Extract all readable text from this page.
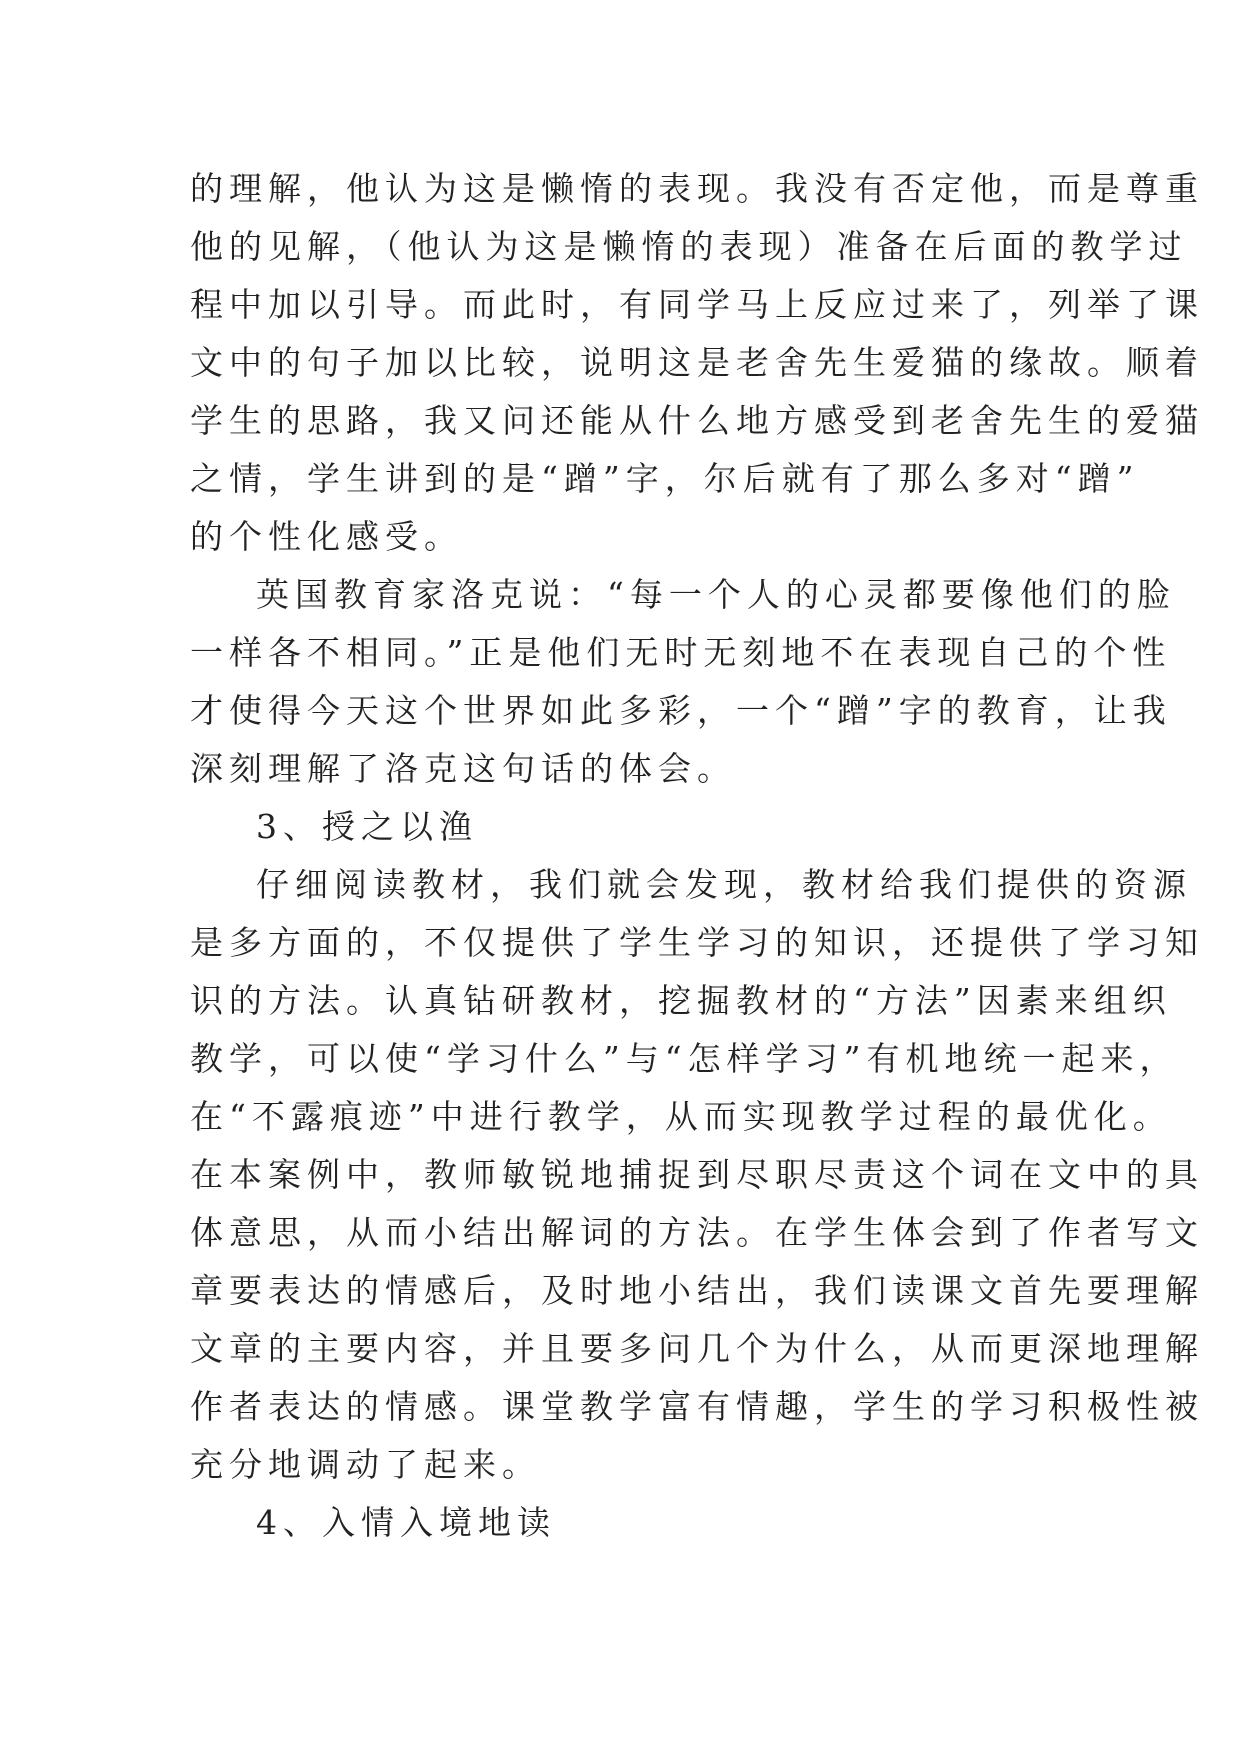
的理解，他认为这是懒惰的表现。我没有否定他，而是尊重
他的见解，（他认为这是懒惰的表现）准备在后面的教学过
程中加以引导。而此时，有同学马上反应过来了，列举了课
文中的句子加以比较，说明这是老舍先生爱猫的缘故。顺着
学生的思路，我又问还能从什么地方感受到老舍先生的爱猫
之情，学生讲到的是“蹭”字，尔后就有了那么多对“蹭”
的个性化感受。
英国教育家洛克说：“每一个人的心灵都要像他们的脸
一样各不相同。”正是他们无时无刻地不在表现自己的个性
才使得今天这个世界如此多彩，一个“蹭”字的教育，让我
深刻理解了洛克这句话的体会。
3、授之以渔
仔细阅读教材，我们就会发现，教材给我们提供的资源
是多方面的，不仅提供了学生学习的知识，还提供了学习知
识的方法。认真钻研教材，挖掘教材的“方法”因素来组织
教学，可以使“学习什么”与“怎样学习”有机地统一起来，
在“不露痕迹”中进行教学，从而实现教学过程的最优化。
在本案例中，教师敏锐地捕捉到尽职尽责这个词在文中的具
体意思，从而小结出解词的方法。在学生体会到了作者写文
章要表达的情感后，及时地小结出，我们读课文首先要理解
文章的主要内容，并且要多问几个为什么，从而更深地理解
作者表达的情感。课堂教学富有情趣，学生的学习积极性被
充分地调动了起来。
4、入情入境地读
